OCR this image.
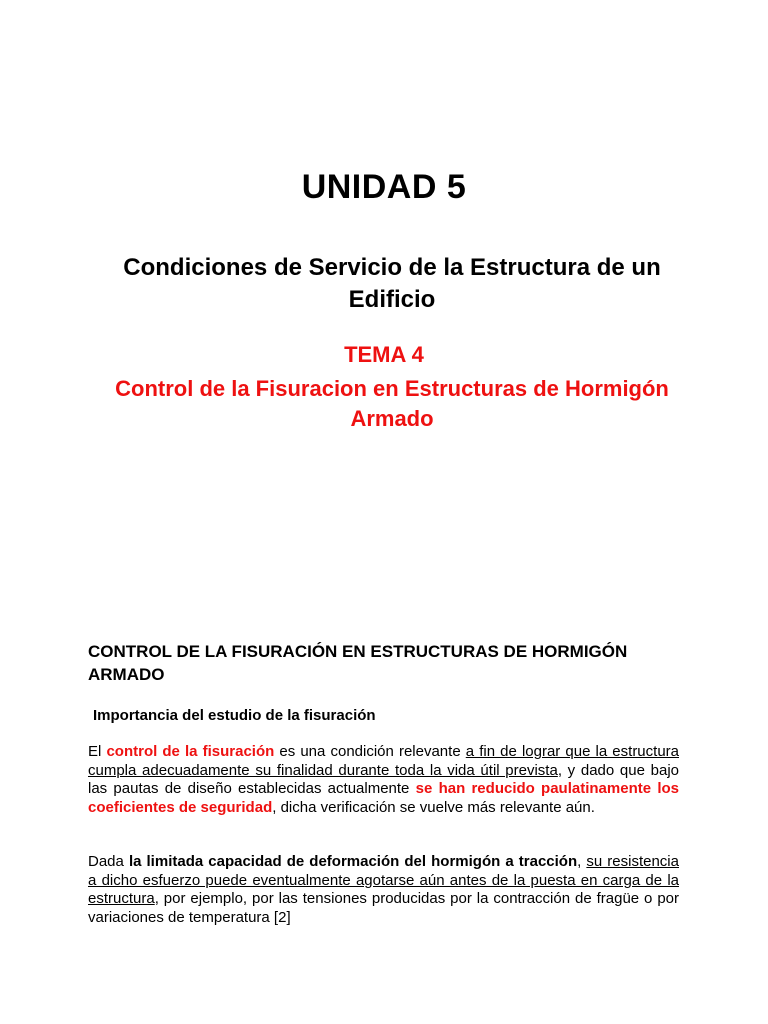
UNIDAD 5
Condiciones de Servicio de la Estructura de un Edificio
TEMA 4
Control de la Fisuracion en Estructuras de Hormigón Armado
CONTROL DE LA FISURACIÓN EN ESTRUCTURAS DE HORMIGÓN ARMADO
Importancia del estudio de la fisuración
El control de la fisuración es una condición relevante a fin de lograr que la estructura cumpla adecuadamente su finalidad durante toda la vida útil prevista, y dado que bajo las pautas de diseño establecidas actualmente se han reducido paulatinamente los coeficientes de seguridad, dicha verificación se vuelve más relevante aún.
Dada la limitada capacidad de deformación del hormigón a tracción, su resistencia a dicho esfuerzo puede eventualmente agotarse aún antes de la puesta en carga de la estructura, por ejemplo, por las tensiones producidas por la contracción de fragüe o por variaciones de temperatura [2]
